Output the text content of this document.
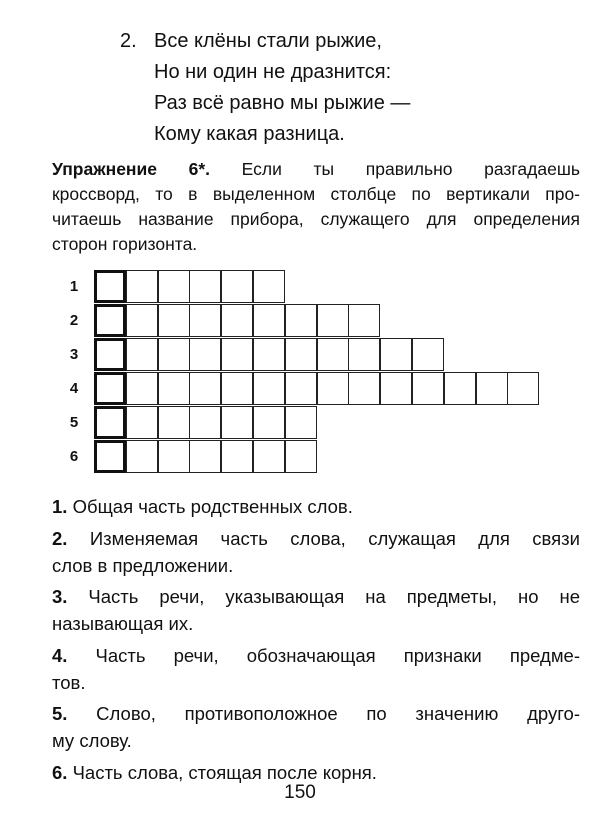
2. Все клёны стали рыжие,
Но ни один не дразнится:
Раз всё равно мы рыжие —
Кому какая разница.
Упражнение 6*. Если ты правильно разгадаешь
кроссворд, то в выделенном столбце по вертикали про-
читаешь название прибора, служащего для определения
сторон горизонта.
1
2
3
4
5
6
1. Общая часть родственных слов.
2. Изменяемая часть слова, служащая для связи
слов в предложении.
3. Часть речи, указывающая на предметы, но не
называющая их.
4. Часть речи, обозначающая признаки предме-
тов.
5. Слово, противоположное по значению друго-
му слову.
6. Часть слова, стоящая после корня.
150
